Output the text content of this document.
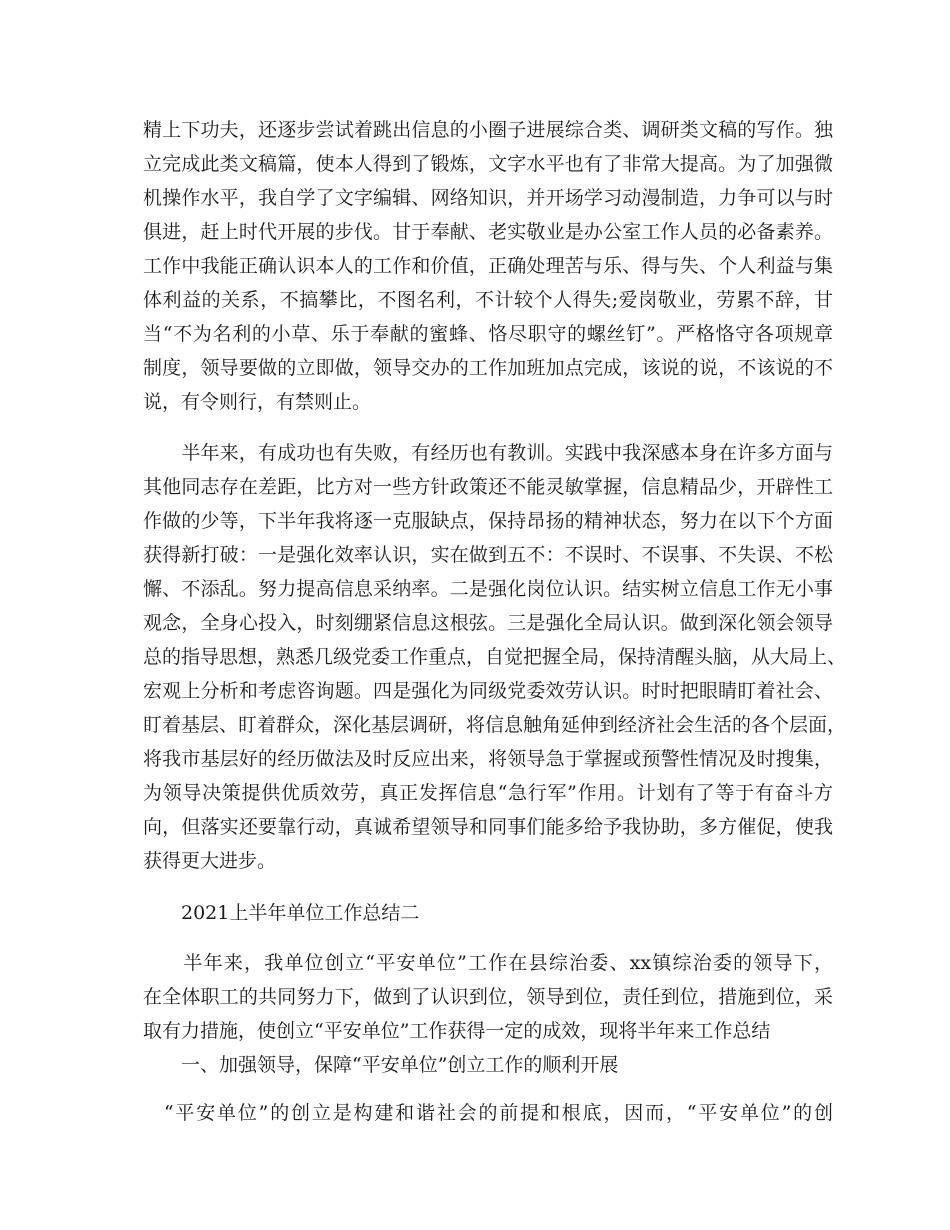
精上下功夫，还逐步尝试着跳出信息的小圈子进展综合类、调研类文稿的写作。独
立完成此类文稿篇，使本人得到了锻炼，文字水平也有了非常大提高。为了加强微
机操作水平，我自学了文字编辑、网络知识，并开场学习动漫制造，力争可以与时
俱进，赶上时代开展的步伐。甘于奉献、老实敬业是办公室工作人员的必备素养。
工作中我能正确认识本人的工作和价值，正确处理苦与乐、得与失、个人利益与集
体利益的关系，不搞攀比，不图名利，不计较个人得失;爱岗敬业，劳累不辞，甘
当“不为名利的小草、乐于奉献的蜜蜂、恪尽职守的螺丝钉”。严格恪守各项规章
制度，领导要做的立即做，领导交办的工作加班加点完成，该说的说，不该说的不
说，有令则行，有禁则止。
　　半年来，有成功也有失败，有经历也有教训。实践中我深感本身在许多方面与
其他同志存在差距，比方对一些方针政策还不能灵敏掌握，信息精品少，开辟性工
作做的少等，下半年我将逐一克服缺点，保持昂扬的精神状态，努力在以下个方面
获得新打破：一是强化效率认识，实在做到五不：不误时、不误事、不失误、不松
懈、不添乱。努力提高信息采纳率。二是强化岗位认识。结实树立信息工作无小事
观念，全身心投入，时刻绷紧信息这根弦。三是强化全局认识。做到深化领会领导
总的指导思想，熟悉几级党委工作重点，自觉把握全局，保持清醒头脑，从大局上、
宏观上分析和考虑咨询题。四是强化为同级党委效劳认识。时时把眼睛盯着社会、
盯着基层、盯着群众，深化基层调研，将信息触角延伸到经济社会生活的各个层面，
将我市基层好的经历做法及时反应出来，将领导急于掌握或预警性情况及时搜集，
为领导决策提供优质效劳，真正发挥信息“急行军”作用。计划有了等于有奋斗方
向，但落实还要靠行动，真诚希望领导和同事们能多给予我协助，多方催促，使我
获得更大进步。
　　2021上半年单位工作总结二
　　半年来，我单位创立“平安单位”工作在县综治委、xx镇综治委的领导下，
在全体职工的共同努力下，做到了认识到位，领导到位，责任到位，措施到位，采
取有力措施，使创立“平安单位”工作获得一定的成效，现将半年来工作总结
　　一、加强领导，保障“平安单位”创立工作的顺利开展
　“平安单位”的创立是构建和谐社会的前提和根底，因而，“平安单位”的创
